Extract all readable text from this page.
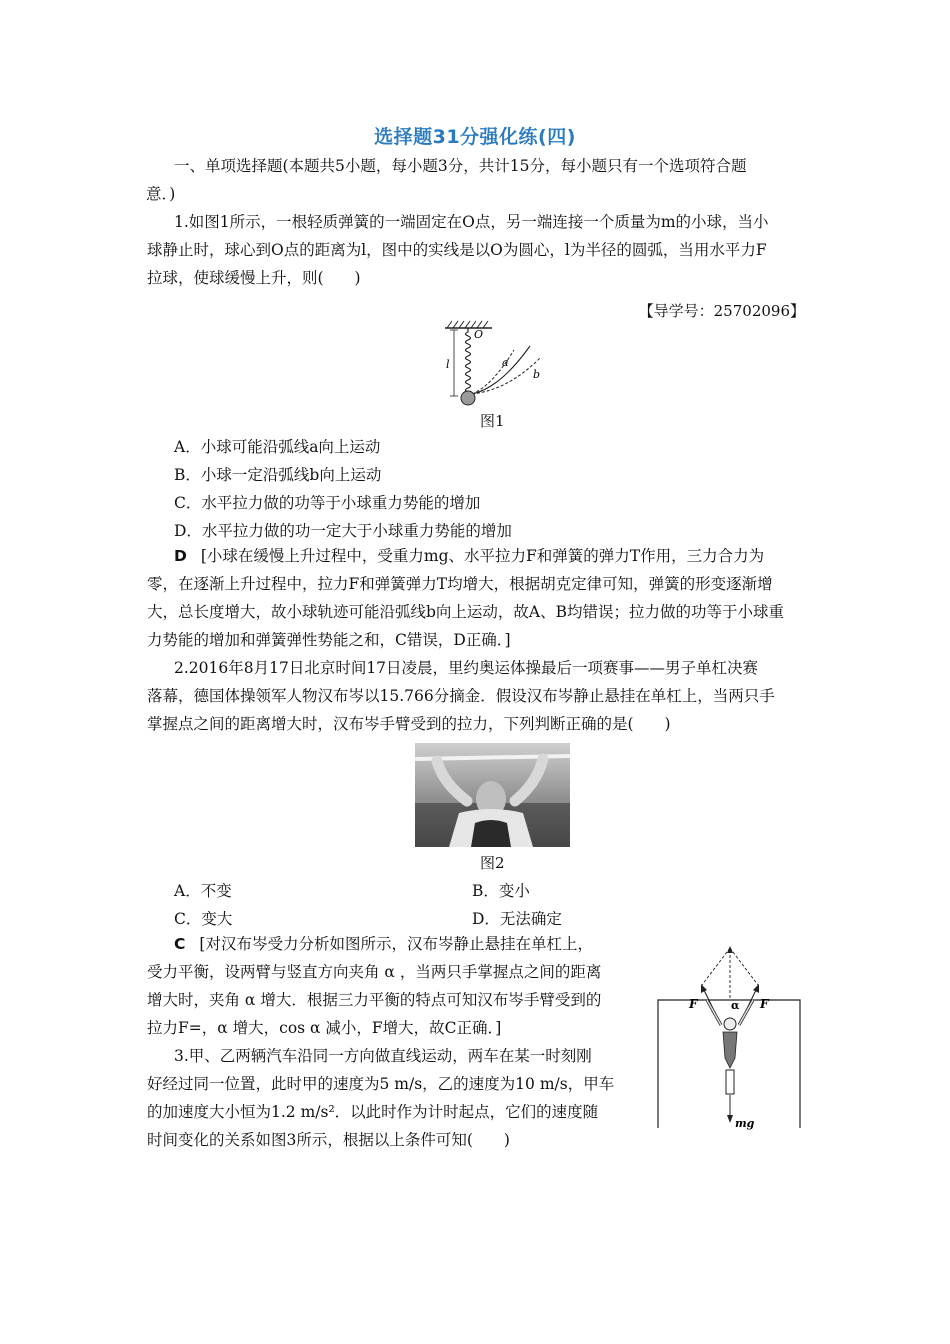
选择题31分强化练(四)
一、单项选择题(本题共5小题，每小题3分，共计15分，每小题只有一个选项符合题
意．)
1.如图1所示，一根轻质弹簧的一端固定在O点，另一端连接一个质量为m的小球，当小
球静止时，球心到O点的距离为l，图中的实线是以O为圆心，l为半径的圆弧，当用水平力F
拉球，使球缓慢上升，则(　　)
【导学号：25702096】
l
O
a
b
图1
A．小球可能沿弧线a向上运动
B．小球一定沿弧线b向上运动
C．水平拉力做的功等于小球重力势能的增加
D．水平拉力做的功一定大于小球重力势能的增加
D [小球在缓慢上升过程中，受重力mg、水平拉力F和弹簧的弹力T作用，三力合力为
零，在逐渐上升过程中，拉力F和弹簧弹力T均增大，根据胡克定律可知，弹簧的形变逐渐增
大，总长度增大，故小球轨迹可能沿弧线b向上运动，故A、B均错误；拉力做的功等于小球重
力势能的增加和弹簧弹性势能之和，C错误，D正确．]
2.2016年8月17日北京时间17日凌晨，里约奥运体操最后一项赛事——男子单杠决赛
落幕，德国体操领军人物汉布岑以15.766分摘金．假设汉布岑静止悬挂在单杠上，当两只手
掌握点之间的距离增大时，汉布岑手臂受到的拉力，下列判断正确的是(　　)
图2
A．不变	B．变小
C．变大	D．无法确定
C [对汉布岑受力分析如图所示，汉布岑静止悬挂在单杠上，
受力平衡，设两臂与竖直方向夹角 α ，当两只手掌握点之间的距离
增大时，夹角 α 增大．根据三力平衡的特点可知汉布岑手臂受到的
拉力F=，α 增大，cos α 减小，F增大，故C正确．]
3.甲、乙两辆汽车沿同一方向做直线运动，两车在某一时刻刚
好经过同一位置，此时甲的速度为5 m/s，乙的速度为10 m/s，甲车
的加速度大小恒为1.2 m/s²．以此时作为计时起点，它们的速度随
时间变化的关系如图3所示，根据以上条件可知(　　)
F	F
α
mg
